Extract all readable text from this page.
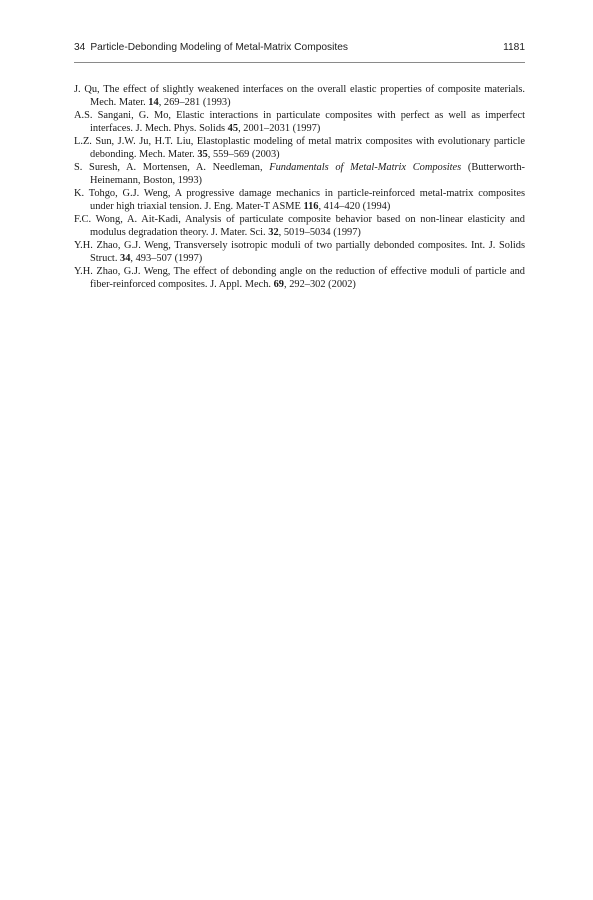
34 Particle-Debonding Modeling of Metal-Matrix Composites	1181
J. Qu, The effect of slightly weakened interfaces on the overall elastic properties of composite materials. Mech. Mater. 14, 269–281 (1993)
A.S. Sangani, G. Mo, Elastic interactions in particulate composites with perfect as well as imperfect interfaces. J. Mech. Phys. Solids 45, 2001–2031 (1997)
L.Z. Sun, J.W. Ju, H.T. Liu, Elastoplastic modeling of metal matrix composites with evolutionary particle debonding. Mech. Mater. 35, 559–569 (2003)
S. Suresh, A. Mortensen, A. Needleman, Fundamentals of Metal-Matrix Composites (Butterworth-Heinemann, Boston, 1993)
K. Tohgo, G.J. Weng, A progressive damage mechanics in particle-reinforced metal-matrix composites under high triaxial tension. J. Eng. Mater-T ASME 116, 414–420 (1994)
F.C. Wong, A. Ait-Kadi, Analysis of particulate composite behavior based on non-linear elasticity and modulus degradation theory. J. Mater. Sci. 32, 5019–5034 (1997)
Y.H. Zhao, G.J. Weng, Transversely isotropic moduli of two partially debonded composites. Int. J. Solids Struct. 34, 493–507 (1997)
Y.H. Zhao, G.J. Weng, The effect of debonding angle on the reduction of effective moduli of particle and fiber-reinforced composites. J. Appl. Mech. 69, 292–302 (2002)
